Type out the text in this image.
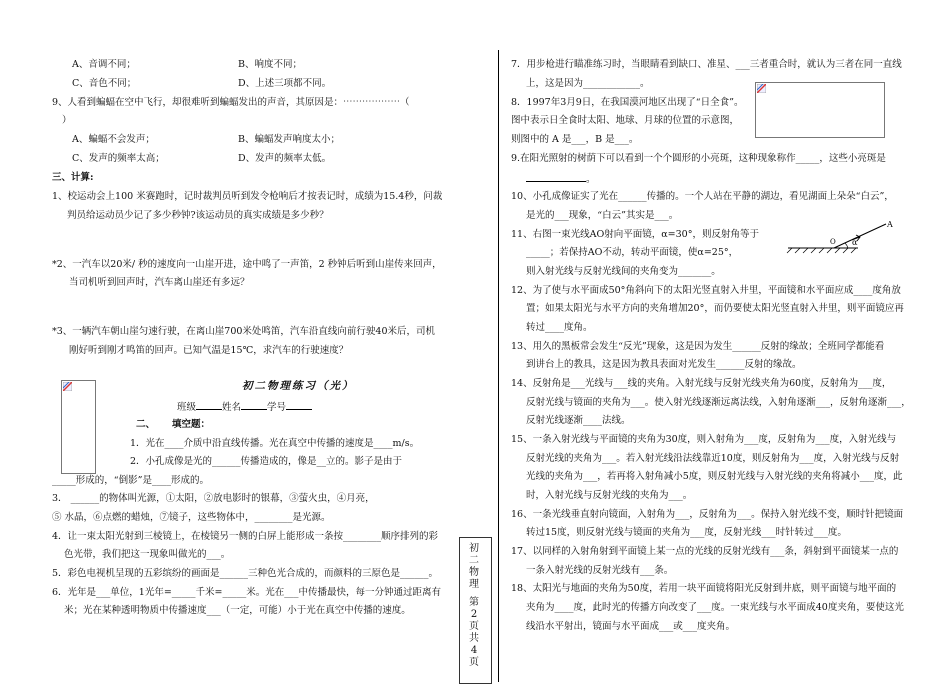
A、音调不同；	B、响度不同；
C、音色不同；	D、上述三项都不同。
9、人看到蝙蝠在空中飞行，却很难听到蝙蝠发出的声音，其原因是：⋯⋯⋯⋯⋯⋯（
）
A、蝙蝠不会发声；	B、蝙蝠发声响度太小；
C、发声的频率太高；	D、发声的频率太低。
三、计算:
1、校运动会上100 米赛跑时，记时裁判员听到发令枪响后才按表记时，成绩为15.4秒，问裁
判员给运动员少记了多少秒钟?该运动员的真实成绩是多少秒？
*2、一汽车以20米/ 秒的速度向一山崖开进，途中鸣了一声笛，2 秒钟后听到山崖传来回声，
当司机听到回声时，汽车离山崖还有多远？
*3、一辆汽车朝山崖匀速行驶，在离山崖700米处鸣笛，汽车沿直线向前行驶40米后，司机
刚好听到刚才鸣笛的回声。已知气温是15℃，求汽车的行驶速度？
初二物理练习（光）
班级	姓名	学号
二、 填空题：
1．光在____介质中沿直线传播。光在真空中传播的速度是____m/s。
2．小孔成像是光的______传播造成的，像是__立的。影子是由于
_____形成的，“倒影”是____形成的。
3． ______的物体叫光源，①太阳，②放电影时的银幕，③萤火虫，④月亮，
⑤ 水晶，⑥点燃的蜡烛，⑦镜子，这些物体中，________是光源。
4．让一束太阳光射到三棱镜上，在棱镜另一侧的白屏上能形成一条按________顺序排列的彩
色光带，我们把这一现象叫做光的___。
5．彩色电视机呈现的五彩缤纷的画面是______三种色光合成的，而颜料的三原色是______。
6．光年是___单位，1光年=_____千米=_____米。光在___中传播最快，每一分钟通过距离有
米；光在某种透明物质中传播速度___（一定，可能）小于光在真空中传播的速度。
初二物理
第2页共4页
7．用步枪进行瞄准练习时，当眼睛看到缺口、准星、___三者重合时，就认为三者在同一直线
上，这是因为____________。
8．1997年3月9日，在我国漠河地区出现了“日全食”。
图中表示日全食时太阳、地球、月球的位置的示意图，
则图中的 A 是___，B 是___。
9.在阳光照射的树荫下可以看到一个个圆形的小亮斑，这种现象称作_____，这些小亮斑是
。
10、小孔成像证实了光在______传播的。一个人站在平静的湖边，看见湖面上朵朵“白云”，
是光的___现象，“白云”其实是___。
11、右图一束光线AO射向平面镜，α=30°，则反射角等于
_____；若保持AO不动，转动平面镜，使α=25°，
则入射光线与反射光线间的夹角变为_______。
α
A
O
12、为了使与水平面成50°角斜向下的太阳光竖直射入井里，平面镜和水平面应成____度角放
置；如果太阳光与水平方向的夹角增加20°，而仍要使太阳光竖直射入井里，则平面镜应再
转过____度角。
13、用久的黑板常会发生“反光”现象，这是因为发生______反射的缘故；全班同学都能看
到讲台上的教具，这是因为教具表面对光发生______反射的缘故。
14、反射角是___光线与___线的夹角。入射光线与反射光线夹角为60度，反射角为___度，
反射光线与镜面的夹角为___。使入射光线逐渐远离法线，入射角逐渐___，反射角逐渐___，
反射光线逐渐____法线。
15、一条入射光线与平面镜的夹角为30度，则入射角为___度，反射角为___度，入射光线与
反射光线的夹角为___。若入射光线沿法线靠近10度，则反射角为___度，入射光线与反射
光线的夹角为___，若再将入射角减小5度，则反射光线与入射光线的夹角将减小___度，此
时，入射光线与反射光线的夹角为___。
16、一条光线垂直射向镜面，入射角为___，反射角为___。保持入射光线不变，顺时针把镜面
转过15度，则反射光线与镜面的夹角为___度，反射光线___时针转过___度。
17、以同样的入射角射到平面镜上某一点的光线的反射光线有___条，斜射到平面镜某一点的
一条入射光线的反射光线有___条。
18、太阳光与地面的夹角为50度，若用一块平面镜将阳光反射到井底，则平面镜与地平面的
夹角为____度，此时光的传播方向改变了___度。一束光线与水平面成40度夹角，要使这光
线沿水平射出，镜面与水平面成___或___度夹角。
